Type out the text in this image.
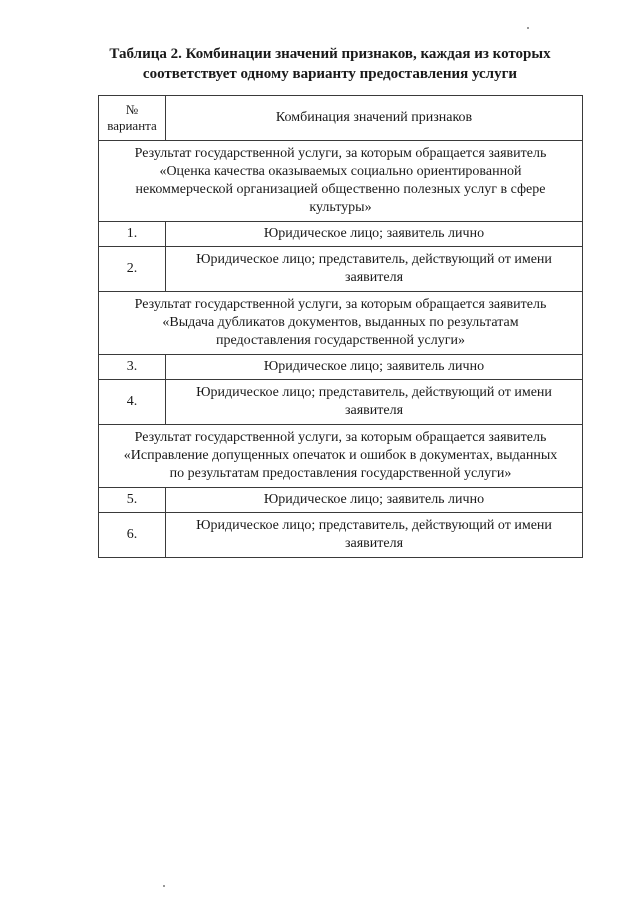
Таблица 2. Комбинации значений признаков, каждая из которых
соответствует одному варианту предоставления услуги
№
варианта	Комбинация значений признаков
Результат государственной услуги, за которым обращается заявитель
«Оценка качества оказываемых социально ориентированной
некоммерческой организацией общественно полезных услуг в сфере
культуры»	
1.	Юридическое лицо; заявитель лично
2.	Юридическое лицо; представитель, действующий от имени
заявителя
Результат государственной услуги, за которым обращается заявитель
«Выдача дубликатов документов, выданных по результатам
предоставления государственной услуги»	
3.	Юридическое лицо; заявитель лично
4.	Юридическое лицо; представитель, действующий от имени
заявителя
Результат государственной услуги, за которым обращается заявитель
«Исправление допущенных опечаток и ошибок в документах, выданных
по результатам предоставления государственной услуги»	
5.	Юридическое лицо; заявитель лично
6.	Юридическое лицо; представитель, действующий от имени
заявителя
